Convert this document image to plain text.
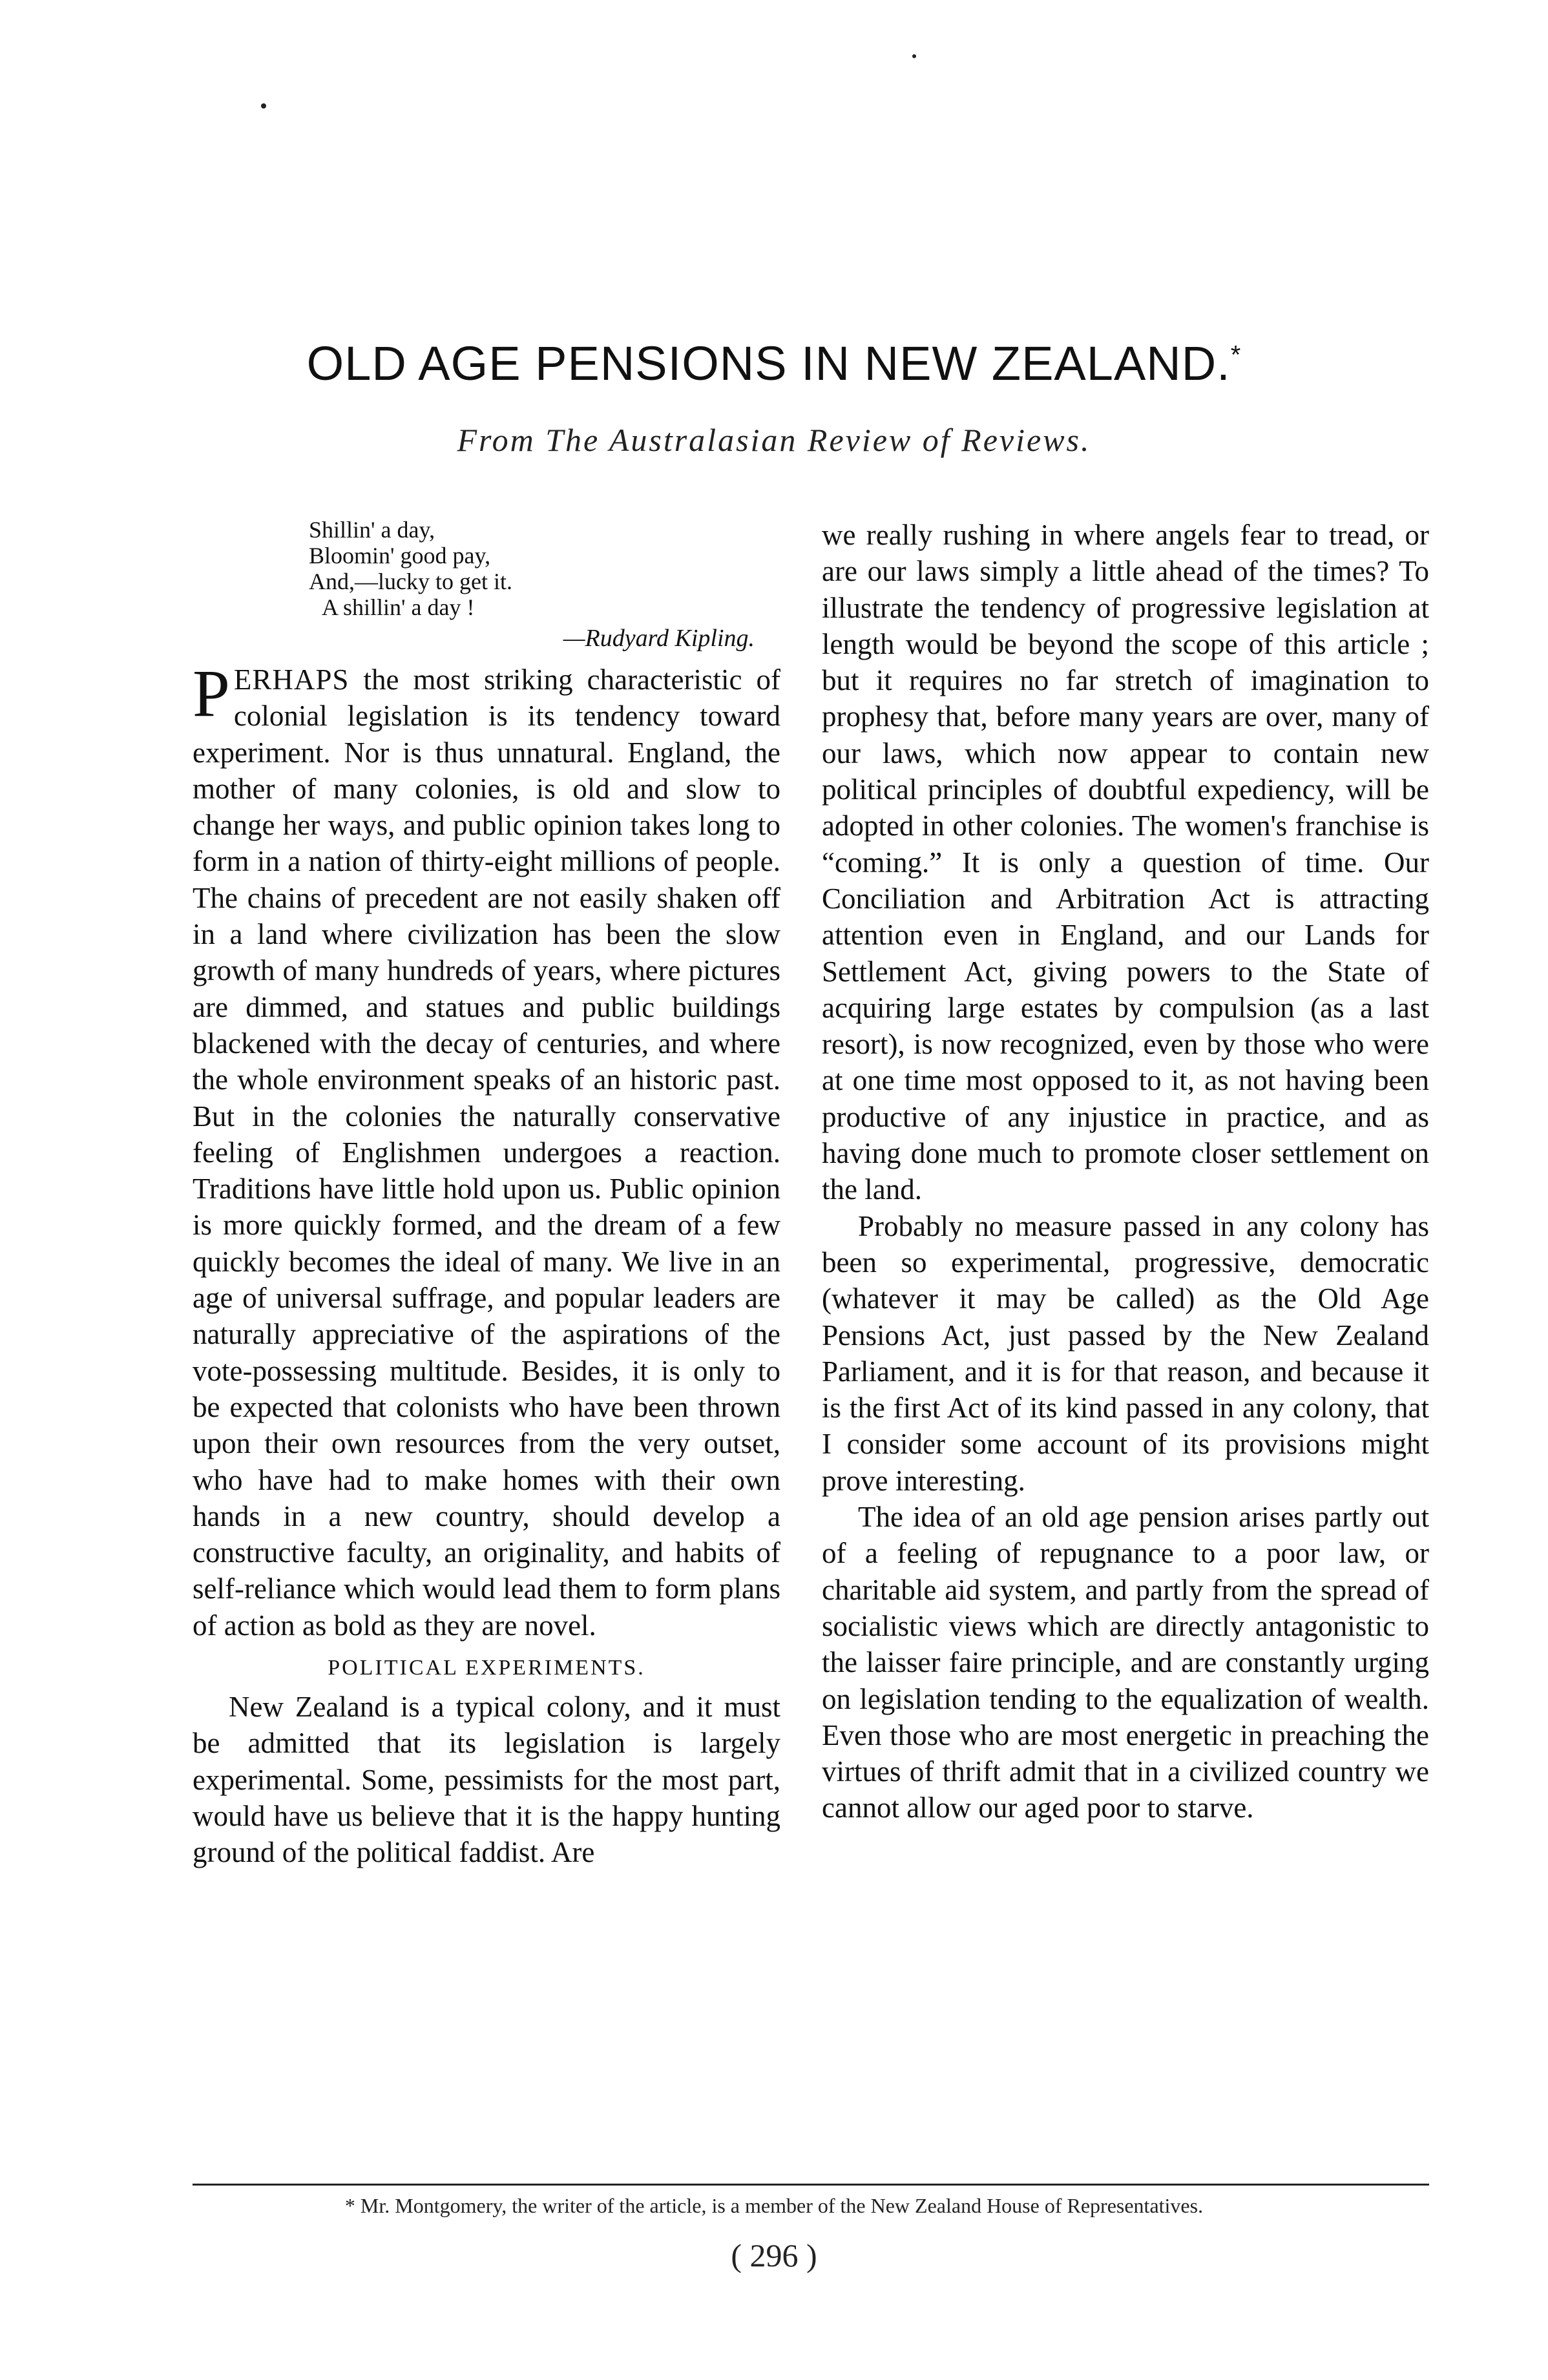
OLD AGE PENSIONS IN NEW ZEALAND.*
From The Australasian Review of Reviews.
Shillin' a day,
Bloomin' good pay,
And,—lucky to get it.
A shillin' a day !
—Rudyard Kipling.

PERHAPS the most striking characteristic of colonial legislation is its tendency toward experiment. Nor is thus unnatural. England, the mother of many colonies, is old and slow to change her ways, and public opinion takes long to form in a nation of thirty-eight millions of people. The chains of precedent are not easily shaken off in a land where civilization has been the slow growth of many hundreds of years, where pictures are dimmed, and statues and public buildings blackened with the decay of centuries, and where the whole environment speaks of an historic past. But in the colonies the naturally conservative feeling of Englishmen undergoes a reaction. Traditions have little hold upon us. Public opinion is more quickly formed, and the dream of a few quickly becomes the ideal of many. We live in an age of universal suffrage, and popular leaders are naturally appreciative of the aspirations of the vote-possessing multitude. Besides, it is only to be expected that colonists who have been thrown upon their own resources from the very outset, who have had to make homes with their own hands in a new country, should develop a constructive faculty, an originality, and habits of self-reliance which would lead them to form plans of action as bold as they are novel.

POLITICAL EXPERIMENTS.

New Zealand is a typical colony, and it must be admitted that its legislation is largely experimental. Some, pessimists for the most part, would have us believe that it is the happy hunting ground of the political faddist. Are

we really rushing in where angels fear to tread, or are our laws simply a little ahead of the times? To illustrate the tendency of progressive legislation at length would be beyond the scope of this article ; but it requires no far stretch of imagination to prophesy that, before many years are over, many of our laws, which now appear to contain new political principles of doubtful expediency, will be adopted in other colonies. The women's franchise is “coming.” It is only a question of time. Our Conciliation and Arbitration Act is attracting attention even in England, and our Lands for Settlement Act, giving powers to the State of acquiring large estates by compulsion (as a last resort), is now recognized, even by those who were at one time most opposed to it, as not having been productive of any injustice in practice, and as having done much to promote closer settlement on the land.

Probably no measure passed in any colony has been so experimental, progressive, democratic (whatever it may be called) as the Old Age Pensions Act, just passed by the New Zealand Parliament, and it is for that reason, and because it is the first Act of its kind passed in any colony, that I consider some account of its provisions might prove interesting.

The idea of an old age pension arises partly out of a feeling of repugnance to a poor law, or charitable aid system, and partly from the spread of socialistic views which are directly antagonistic to the laisser faire principle, and are constantly urging on legislation tending to the equalization of wealth. Even those who are most energetic in preaching the virtues of thrift admit that in a civilized country we cannot allow our aged poor to starve.

* Mr. Montgomery, the writer of the article, is a member of the New Zealand House of Representatives.
( 296 )
